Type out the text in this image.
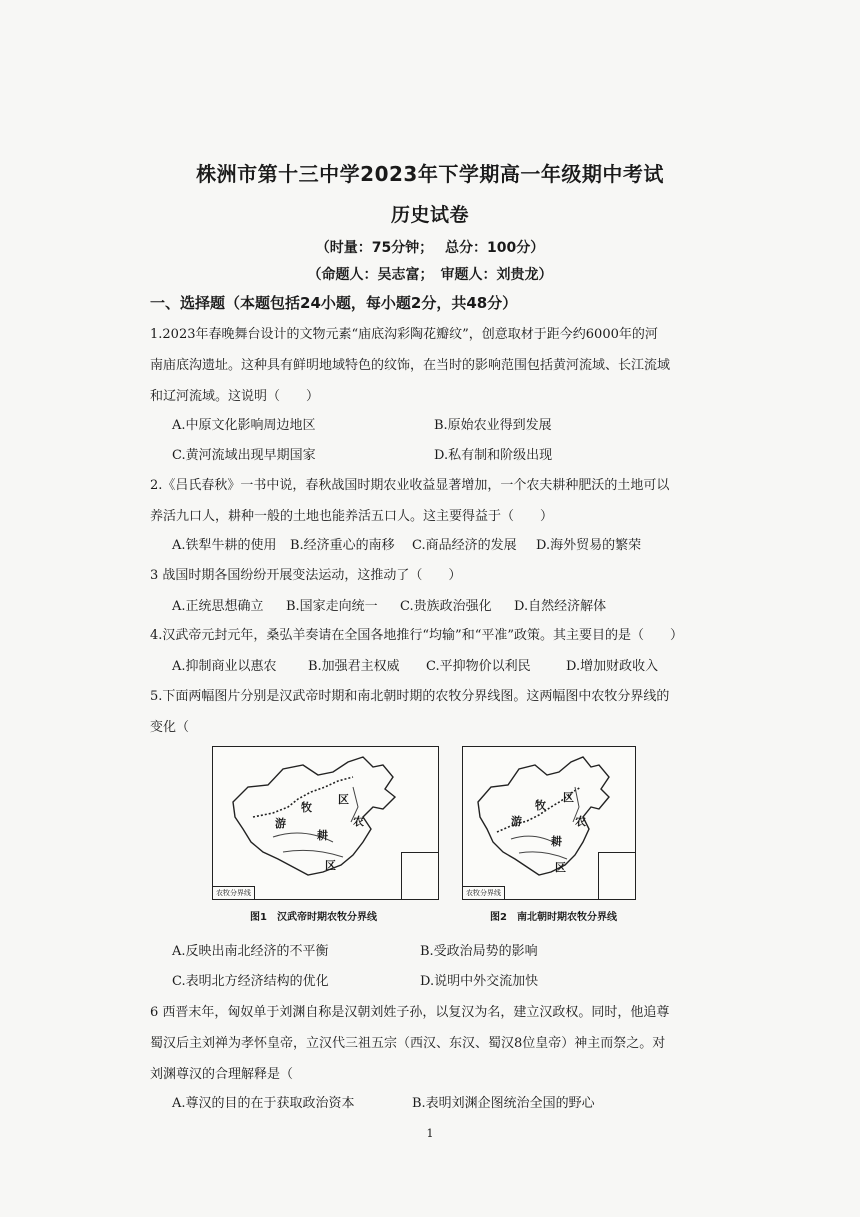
株洲市第十三中学2023年下学期高一年级期中考试
历史试卷
（时量：75分钟；　 总分：100分）
（命题人：吴志富；　审题人：刘贵龙）
一、选择题（本题包括24小题，每小题2分，共48分）
1.2023年春晚舞台设计的文物元素“庙底沟彩陶花瓣纹”，创意取材于距今约6000年的河
南庙底沟遗址。这种具有鲜明地域特色的纹饰，在当时的影响范围包括黄河流域、长江流域
和辽河流域。这说明（　　）
A.中原文化影响周边地区	B.原始农业得到发展
C.黄河流域出现早期国家	D.私有制和阶级出现
2.《吕氏春秋》一书中说，春秋战国时期农业收益显著增加，一个农夫耕种肥沃的土地可以
养活九口人，耕种一般的土地也能养活五口人。这主要得益于（　　）
A.铁犁牛耕的使用 B.经济重心的南移 C.商品经济的发展 D.海外贸易的繁荣
3 战国时期各国纷纷开展变法运动，这推动了（　　）
A.正统思想确立 B.国家走向统一 C.贵族政治强化 D.自然经济解体
4.汉武帝元封元年，桑弘羊奏请在全国各地推行“均输”和“平准”政策。其主要目的是（　　）
A.抑制商业以惠农 B.加强君主权威 C.平抑物价以利民	D.增加财政收入
5.下面两幅图片分别是汉武帝时期和南北朝时期的农牧分界线图。这两幅图中农牧分界线的
变化（
牧
区
游
耕
农
区
农牧分界线
图1　汉武帝时期农牧分界线
牧
区
游
耕
农
区
农牧分界线
图2　南北朝时期农牧分界线
A.反映出南北经济的不平衡	B.受政治局势的影响
C.表明北方经济结构的优化	D.说明中外交流加快
6 西晋末年，匈奴单于刘渊自称是汉朝刘姓子孙，以复汉为名，建立汉政权。同时，他追尊
蜀汉后主刘禅为孝怀皇帝，立汉代三祖五宗（西汉、东汉、蜀汉8位皇帝）神主而祭之。对
刘渊尊汉的合理解释是（
A.尊汉的目的在于获取政治资本	B.表明刘渊企图统治全国的野心
1
